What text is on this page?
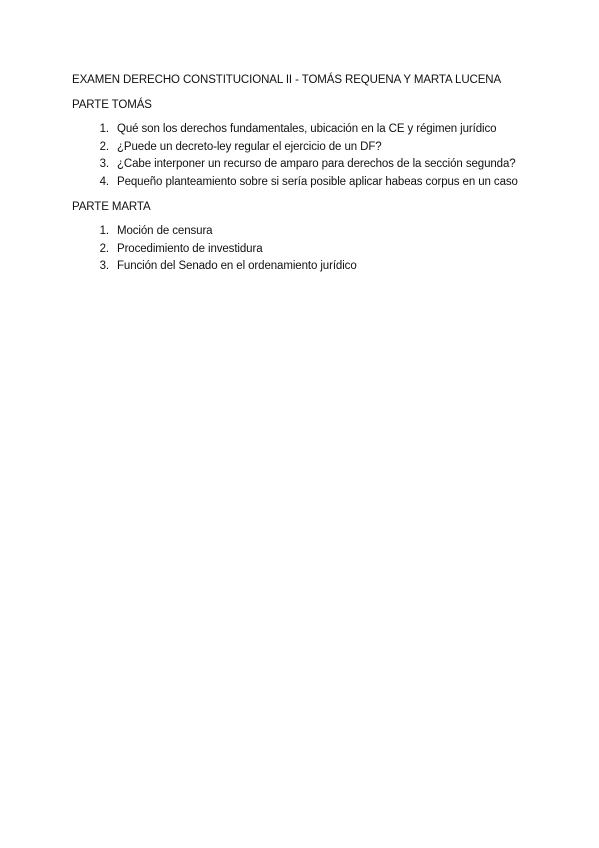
EXAMEN DERECHO CONSTITUCIONAL II - TOMÁS REQUENA Y MARTA LUCENA

PARTE TOMÁS

1. Qué son los derechos fundamentales, ubicación en la CE y régimen jurídico
2. ¿Puede un decreto-ley regular el ejercicio de un DF?
3. ¿Cabe interponer un recurso de amparo para derechos de la sección segunda?
4. Pequeño planteamiento sobre si sería posible aplicar habeas corpus en un caso

PARTE MARTA

1. Moción de censura
2. Procedimiento de investidura
3. Función del Senado en el ordenamiento jurídico
